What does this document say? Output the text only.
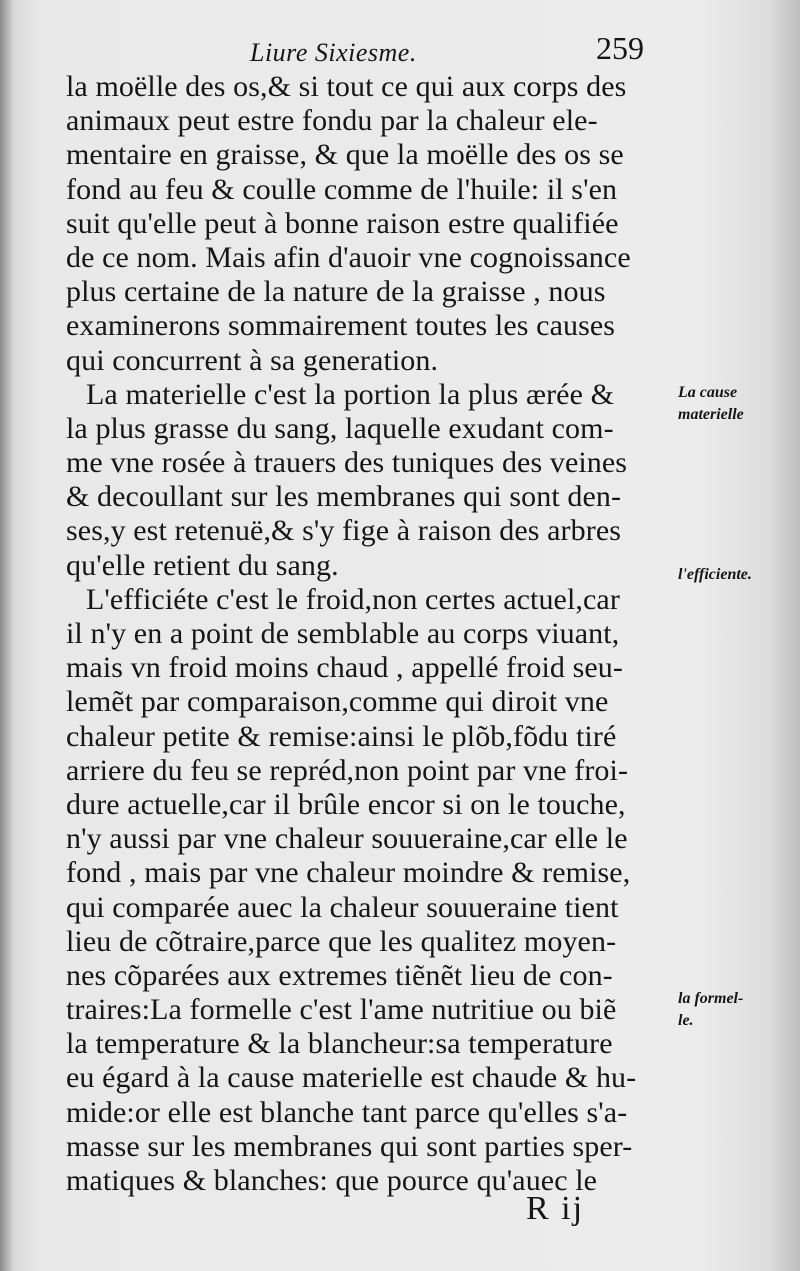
Liure Sixiesme.	259
la moëlle des os,& si tout ce qui aux corps des
animaux peut estre fondu par la chaleur ele-
mentaire en graisse, & que la moëlle des os se
fond au feu & coulle comme de l'huile: il s'en
suit qu'elle peut à bonne raison estre qualifiée
de ce nom. Mais afin d'auoir vne cognoissance
plus certaine de la nature de la graisse , nous
examinerons sommairement toutes les causes
qui concurrent à sa generation.
La materielle c'est la portion la plus ærée &
la plus grasse du sang, laquelle exudant com-
me vne rosée à trauers des tuniques des veines
& decoullant sur les membranes qui sont den-
ses,y est retenuë,& s'y fige à raison des arbres
qu'elle retient du sang.
L'efficiéte c'est le froid,non certes actuel,car
il n'y en a point de semblable au corps viuant,
mais vn froid moins chaud , appellé froid seu-
lemẽt par comparaison,comme qui diroit vne
chaleur petite & remise:ainsi le plõb,fõdu tiré
arriere du feu se repréd,non point par vne froi-
dure actuelle,car il brûle encor si on le touche,
n'y aussi par vne chaleur souueraine,car elle le
fond , mais par vne chaleur moindre & remise,
qui comparée auec la chaleur souueraine tient
lieu de cõtraire,parce que les qualitez moyen-
nes cõparées aux extremes tiẽnẽt lieu de con-
traires:La formelle c'est l'ame nutritiue ou biẽ
la temperature & la blancheur:sa temperature
eu égard à la cause materielle est chaude & hu-
mide:or elle est blanche tant parce qu'elles s'a-
masse sur les membranes qui sont parties sper-
matiques & blanches: que pource qu'auec le
La cause
materielle
l'efficiente.
la formel-
le.
R ij
